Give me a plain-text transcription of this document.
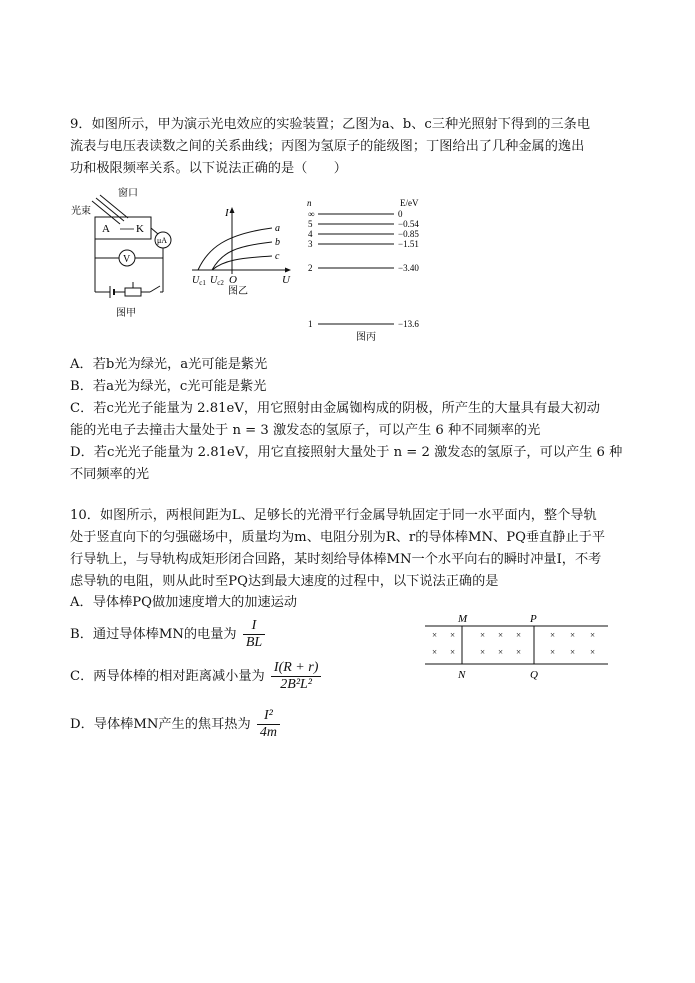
9．如图所示，甲为演示光电效应的实验装置；乙图为a、b、c三种光照射下得到的三条电
流表与电压表读数之间的关系曲线；丙图为氢原子的能级图；丁图给出了几种金属的逸出
功和极限频率关系。以下说法正确的是（　　）
窗口
光束
A K
μA
V
图甲
I
U
O
a
b
c
$U_{c1}$ $U_{c2}$
图乙
n	E/eV
∞	0
5	−0.54
4	−0.85
3	−1.51
2	−3.40
1	−13.6
图丙
A．若b光为绿光，a光可能是紫光
B．若a光为绿光，c光可能是紫光
C．若c光光子能量为 2.81eV，用它照射由金属铷构成的阴极，所产生的大量具有最大初动
能的光电子去撞击大量处于 n = 3 激发态的氢原子，可以产生 6 种不同频率的光
D．若c光光子能量为 2.81eV，用它直接照射大量处于 n = 2 激发态的氢原子，可以产生 6 种
不同频率的光
10．如图所示，两根间距为L、足够长的光滑平行金属导轨固定于同一水平面内，整个导轨
处于竖直向下的匀强磁场中，质量均为m、电阻分别为R、r的导体棒MN、PQ垂直静止于平
行导轨上，与导轨构成矩形闭合回路，某时刻给导体棒MN一个水平向右的瞬时冲量I，不考
虑导轨的电阻，则从此时至PQ达到最大速度的过程中，以下说法正确的是
A．导体棒PQ做加速度增大的加速运动
B．通过导体棒MN的电量为 $\frac{I}{BL}$
C．两导体棒的相对距离减小量为 $\frac{I(R + r)}{\text{2B²L²}}$
D．导体棒MN产生的焦耳热为 $\frac{\text{I²}}{4m}$
M	P
× ×	× × ×	× × ×
× ×	× × ×	× × ×
N	Q
